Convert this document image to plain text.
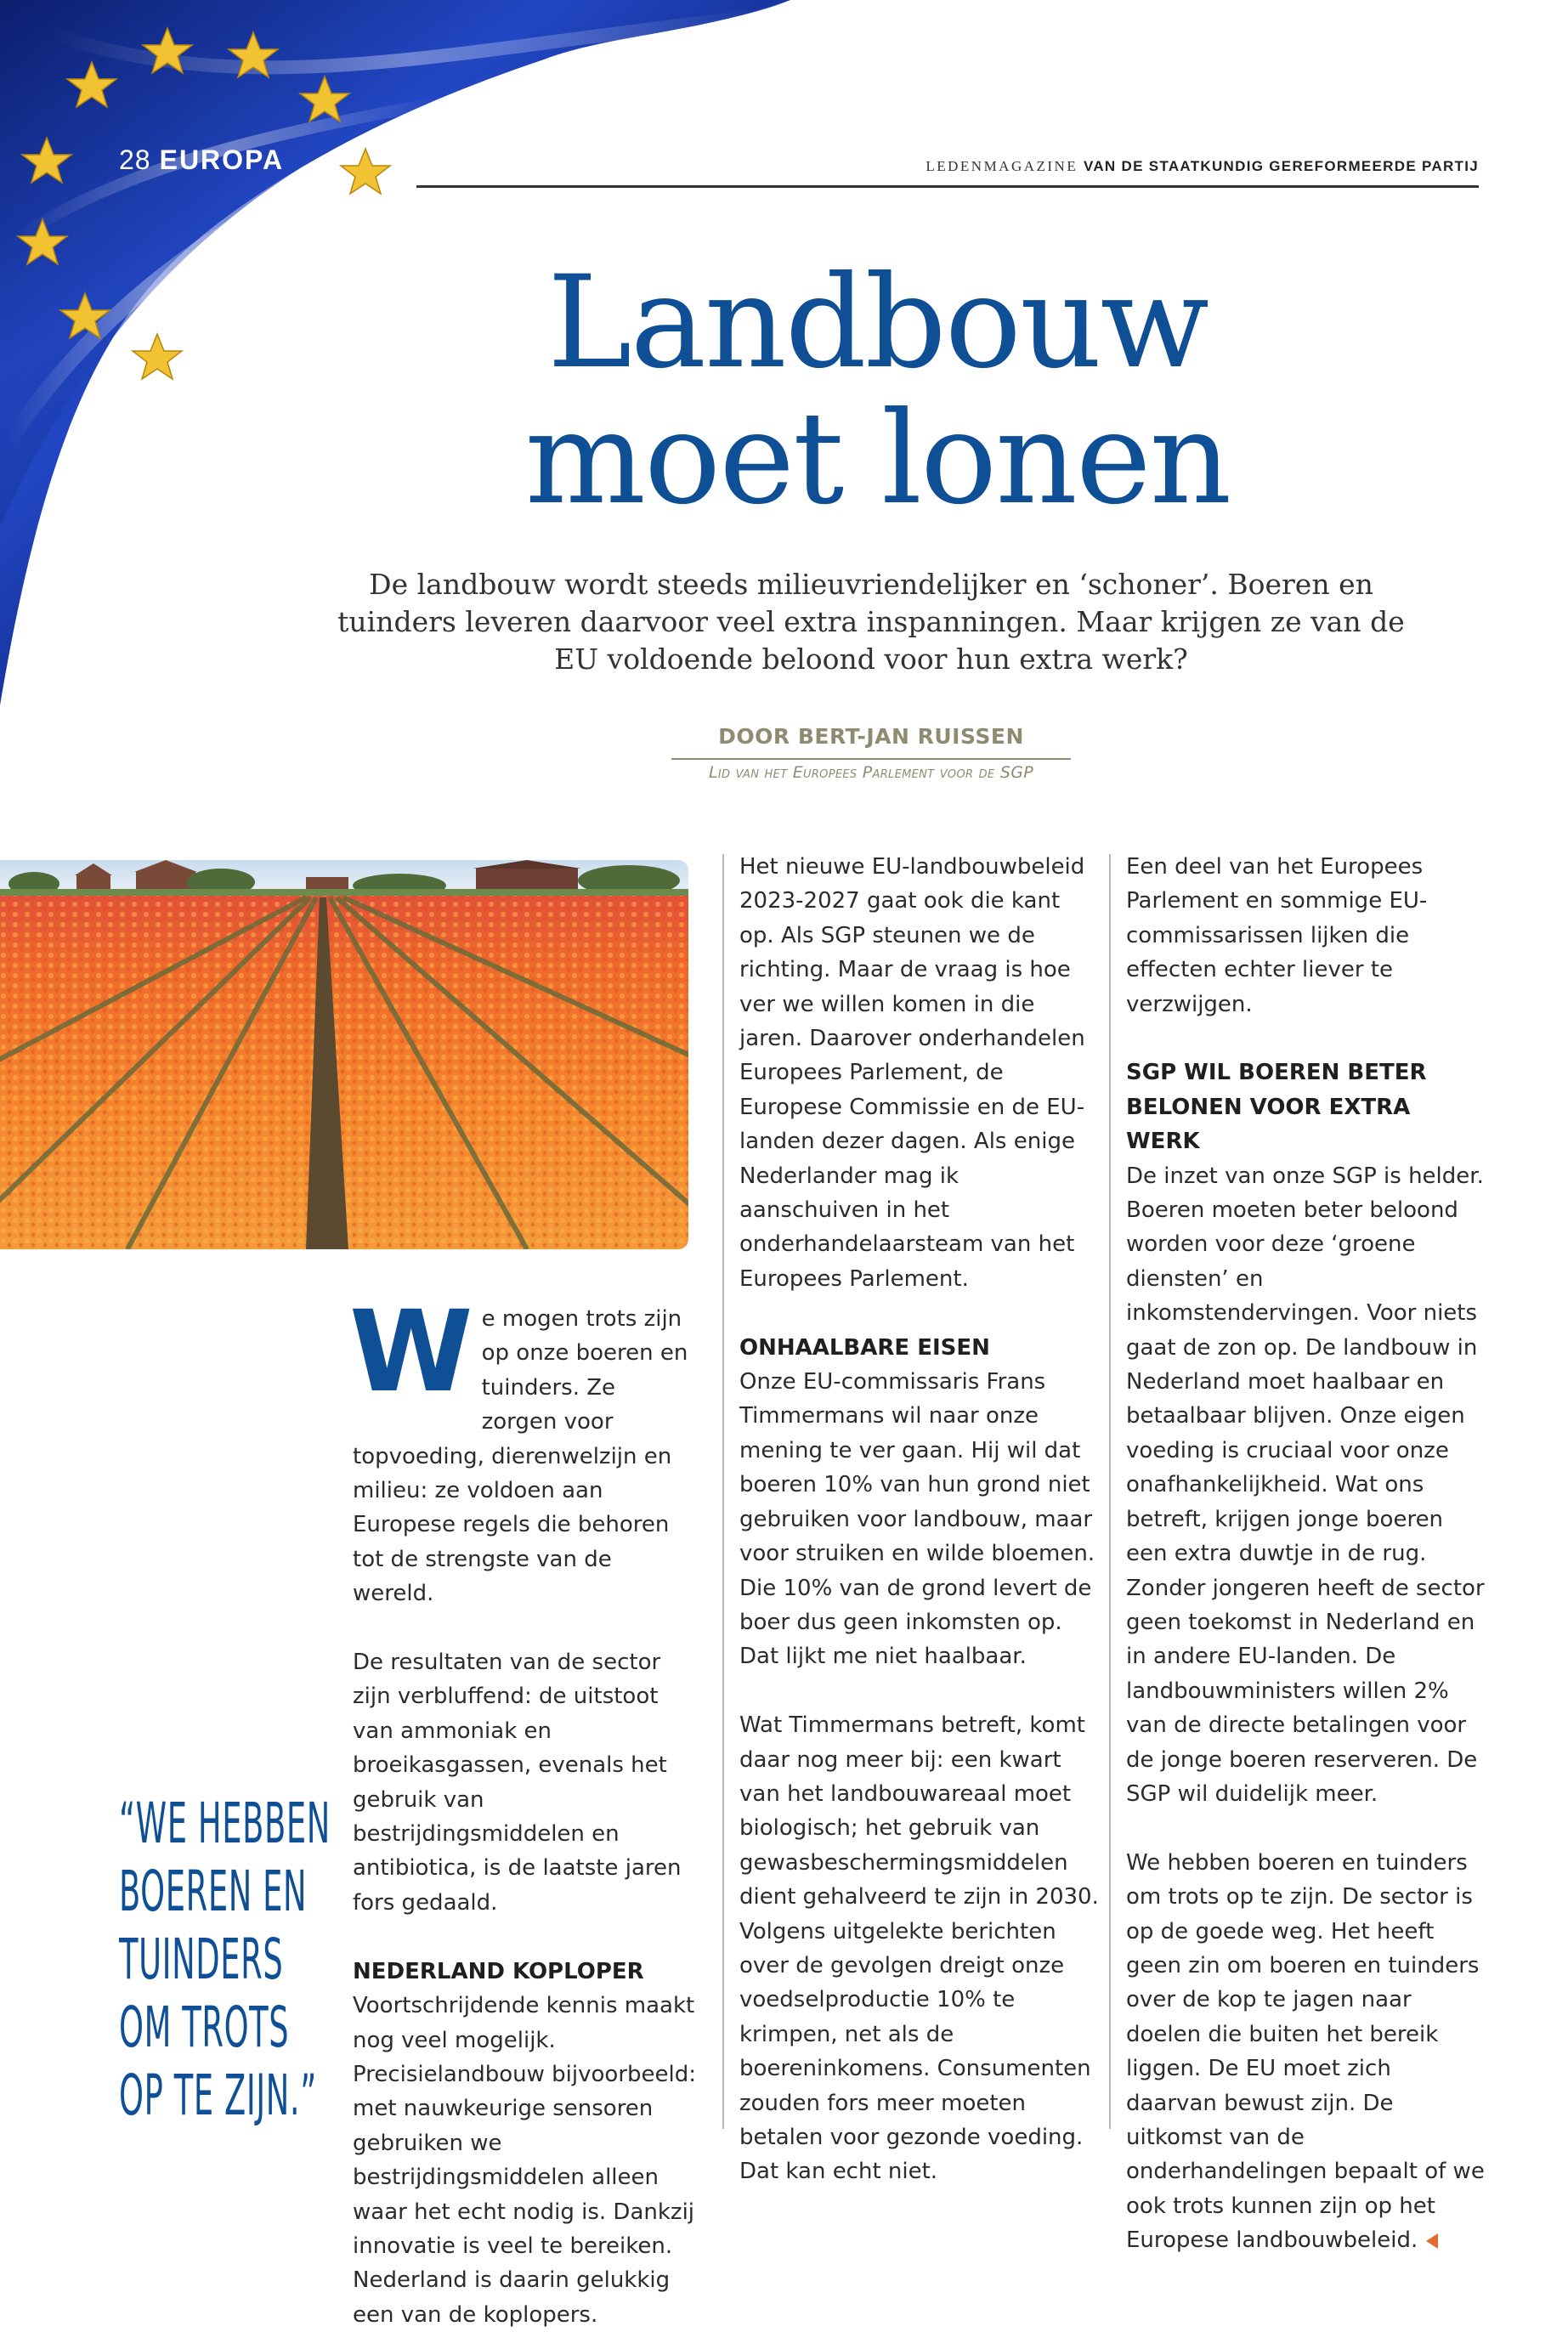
28 EUROPA	LEDENMAGAZINE VAN DE STAATKUNDIG GEREFORMEERDE PARTIJ
Landbouw
moet lonen
De landbouw wordt steeds milieuvriendelijker en ‘schoner’. Boeren en tuinders leveren daarvoor veel extra inspanningen. Maar krijgen ze van de EU voldoende beloond voor hun extra werk?
DOOR BERT-JAN RUISSEN
Lid van het Europees Parlement voor de SGP

We mogen trots zijn op onze boeren en tuinders. Ze zorgen voor topvoeding, dierenwelzijn en milieu: ze voldoen aan Europese regels die behoren tot de strengste van de wereld.

De resultaten van de sector zijn verbluffend: de uitstoot van ammoniak en broeikasgassen, evenals het gebruik van bestrijdingsmiddelen en antibiotica, is de laatste jaren fors gedaald.

NEDERLAND KOPLOPER

Voortschrijdende kennis maakt nog veel mogelijk. Precisielandbouw bijvoorbeeld: met nauwkeurige sensoren gebruiken we bestrijdingsmiddelen alleen waar het echt nodig is. Dankzij innovatie is veel te bereiken. Nederland is daarin gelukkig een van de koplopers.

Het nieuwe EU-landbouwbeleid 2023-2027 gaat ook die kant op. Als SGP steunen we de richting. Maar de vraag is hoe ver we willen komen in die jaren. Daarover onderhandelen Europees Parlement, de Europese Commissie en de EU-landen dezer dagen. Als enige Nederlander mag ik aanschuiven in het onderhandelaarsteam van het Europees Parlement.

ONHAALBARE EISEN

Onze EU-commissaris Frans Timmermans wil naar onze mening te ver gaan. Hij wil dat boeren 10% van hun grond niet gebruiken voor landbouw, maar voor struiken en wilde bloemen. Die 10% van de grond levert de boer dus geen inkomsten op. Dat lijkt me niet haalbaar.

Wat Timmermans betreft, komt daar nog meer bij: een kwart van het landbouwareaal moet biologisch; het gebruik van gewasbeschermingsmiddelen dient gehalveerd te zijn in 2030. Volgens uitgelekte berichten over de gevolgen dreigt onze voedselproductie 10% te krimpen, net als de boereninkomens. Consumenten zouden fors meer moeten betalen voor gezonde voeding. Dat kan echt niet.

Een deel van het Europees Parlement en sommige EU-commissarissen lijken die effecten echter liever te verzwijgen.

SGP WIL BOEREN BETER BELONEN VOOR EXTRA WERK

De inzet van onze SGP is helder. Boeren moeten beter beloond worden voor deze ‘groene diensten’ en inkomstendervingen. Voor niets gaat de zon op. De landbouw in Nederland moet haalbaar en betaalbaar blijven. Onze eigen voeding is cruciaal voor onze onafhankelijkheid. Wat ons betreft, krijgen jonge boeren een extra duwtje in de rug. Zonder jongeren heeft de sector geen toekomst in Nederland en in andere EU-landen. De landbouwministers willen 2% van de directe betalingen voor de jonge boeren reserveren. De SGP wil duidelijk meer.

We hebben boeren en tuinders om trots op te zijn. De sector is op de goede weg. Het heeft geen zin om boeren en tuinders over de kop te jagen naar doelen die buiten het bereik liggen. De EU moet zich daarvan bewust zijn. De uitkomst van de onderhandelingen bepaalt of we ook trots kunnen zijn op het Europese landbouwbeleid.

“WE HEBBEN
BOEREN EN
TUINDERS
OM TROTS
OP TE ZIJN.”
